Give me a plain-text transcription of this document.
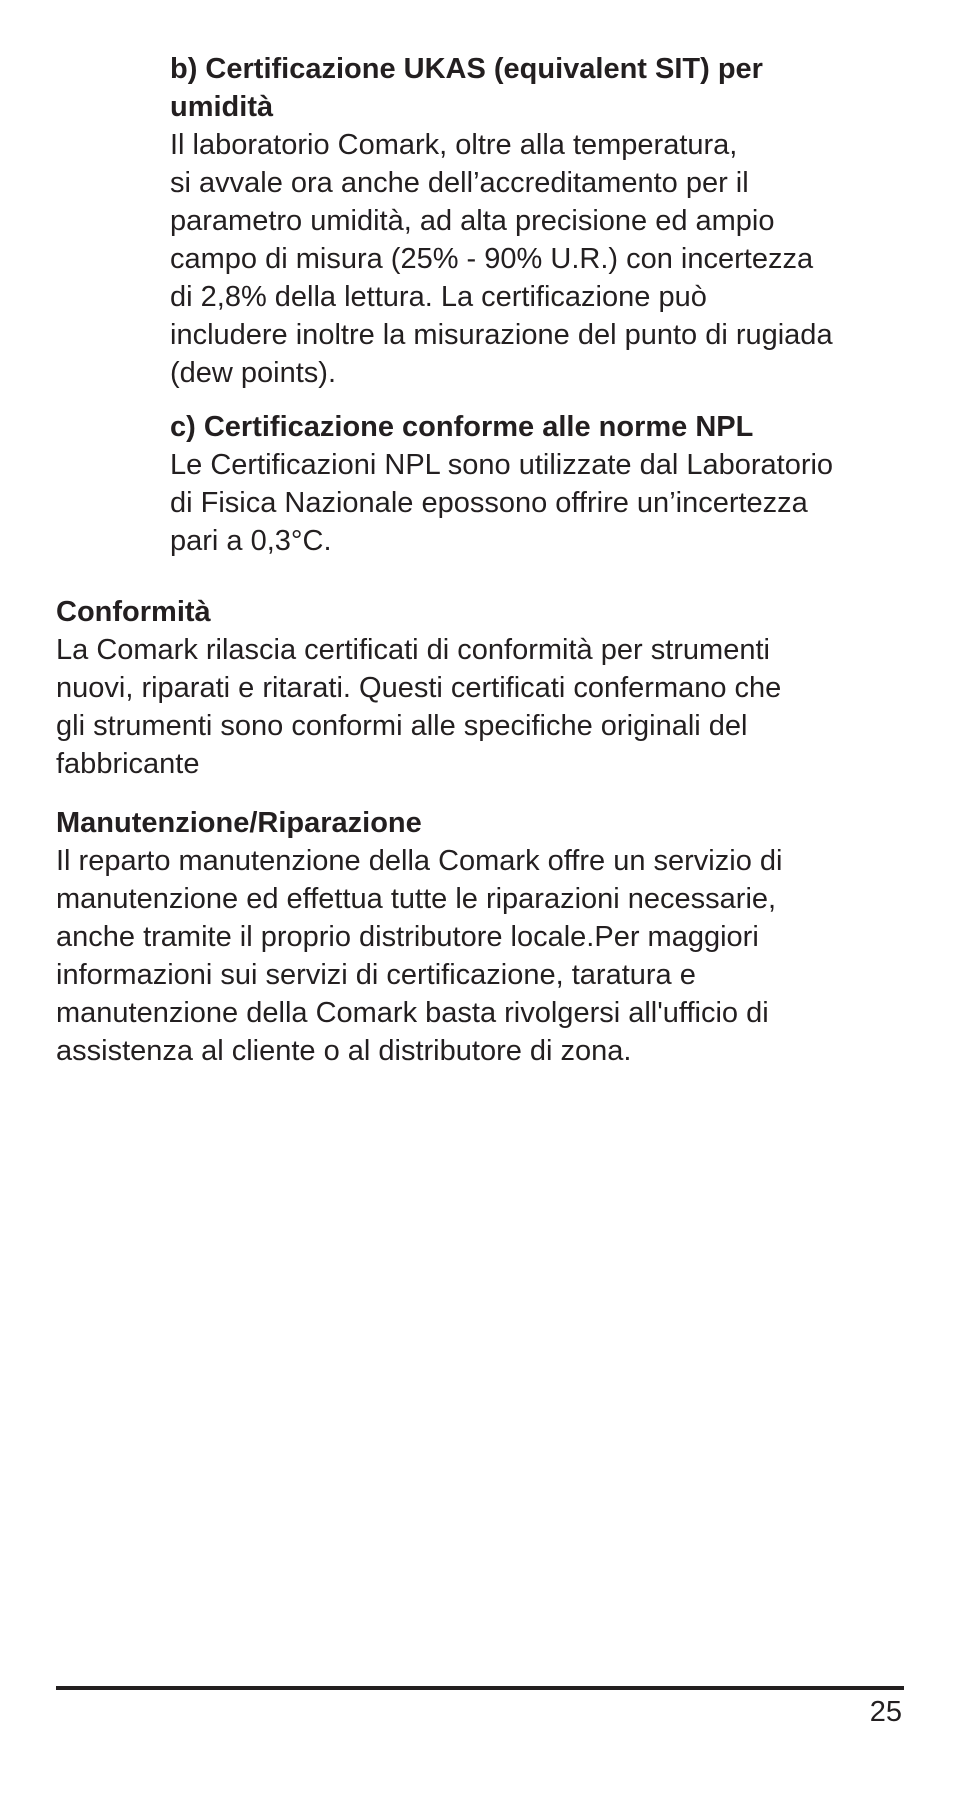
b) Certificazione UKAS (equivalent SIT) per
umidità

Il laboratorio Comark, oltre alla temperatura,
si avvale ora anche dell’accreditamento per il
parametro umidità, ad alta precisione ed ampio
campo di misura (25% - 90% U.R.) con incertezza
di 2,8% della lettura. La certificazione può
includere inoltre la misurazione del punto di rugiada
(dew points).

c) Certificazione conforme alle norme NPL

Le Certificazioni NPL sono utilizzate dal Laboratorio
di Fisica Nazionale epossono offrire un’incertezza
pari a 0,3°C.

Conformità

La Comark rilascia certificati di conformità per strumenti
nuovi, riparati e ritarati. Questi certificati confermano che
gli strumenti sono conformi alle specifiche originali del
fabbricante

Manutenzione/Riparazione

Il reparto manutenzione della Comark offre un servizio di
manutenzione ed effettua tutte le riparazioni necessarie,
anche tramite il proprio distributore locale.Per maggiori
informazioni sui servizi di certificazione, taratura e
manutenzione della Comark basta rivolgersi all'ufficio di
assistenza al cliente o al distributore di zona.

25
